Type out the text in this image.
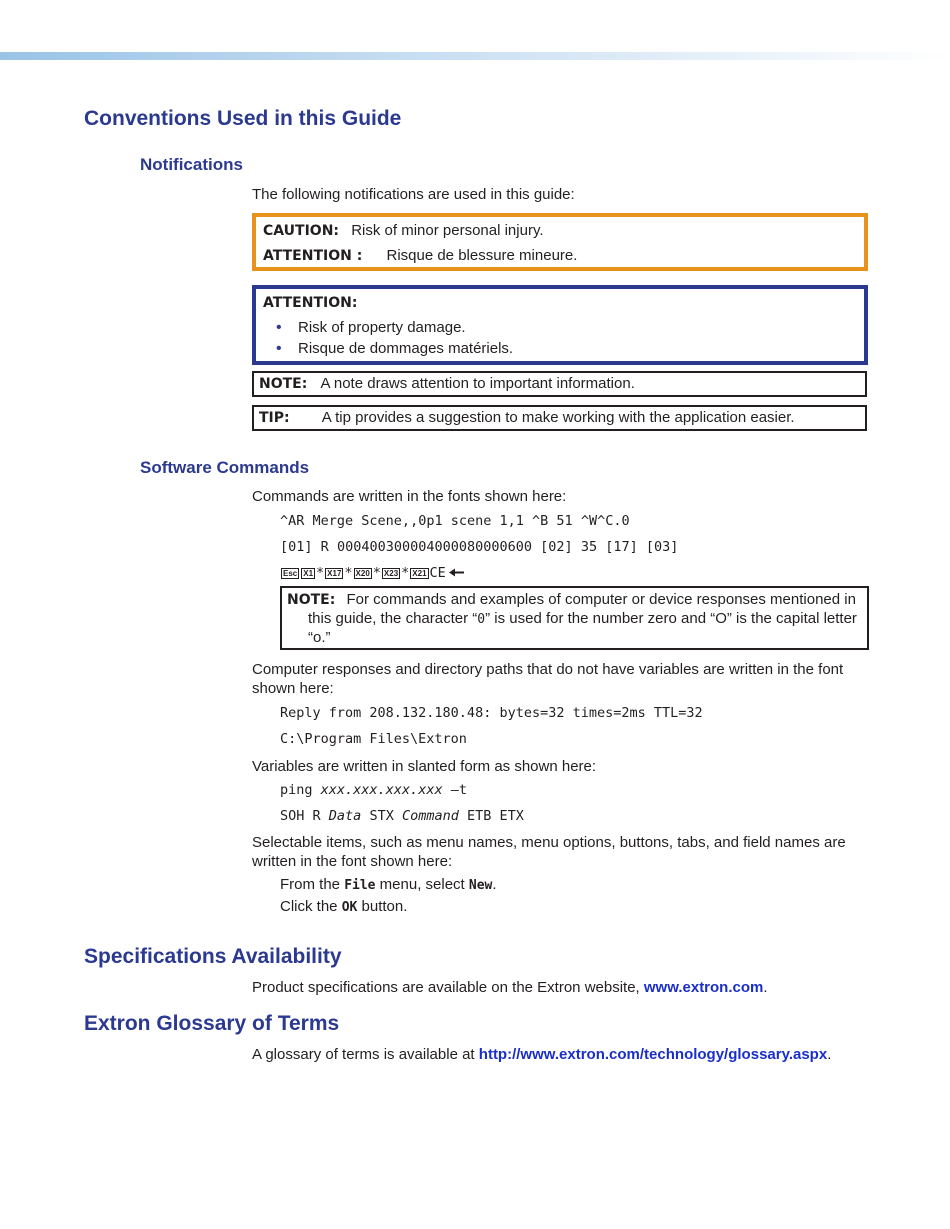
Conventions Used in this Guide
Notifications

The following notifications are used in this guide:

CAUTION: Risk of minor personal injury.
ATTENTION : Risque de blessure mineure.
ATTENTION:
• Risk of property damage.
• Risque de dommages matériels.
NOTE: A note draws attention to important information.
TIP: A tip provides a suggestion to make working with the application easier.
Software Commands

Commands are written in the fonts shown here:

^AR Merge Scene,,0p1 scene 1,1 ^B 51 ^W^C.0
[01] R 000400300004000080000600 [02] 35 [17] [03]
Esc X1 * X17 * X20 * X23 * X21 CE
NOTE: For commands and examples of computer or device responses mentioned in this guide, the character “0” is used for the number zero and “O” is the capital letter “o.”

Computer responses and directory paths that do not have variables are written in the font shown here:

Reply from 208.132.180.48: bytes=32 times=2ms TTL=32
C:\Program Files\Extron

Variables are written in slanted form as shown here:

ping xxx.xxx.xxx.xxx —t
SOH R Data STX Command ETB ETX

Selectable items, such as menu names, menu options, buttons, tabs, and field names are written in the font shown here:

From the File menu, select New.
Click the OK button.
Specifications Availability

Product specifications are available on the Extron website, www.extron.com.

Extron Glossary of Terms

A glossary of terms is available at http://www.extron.com/technology/glossary.aspx.
